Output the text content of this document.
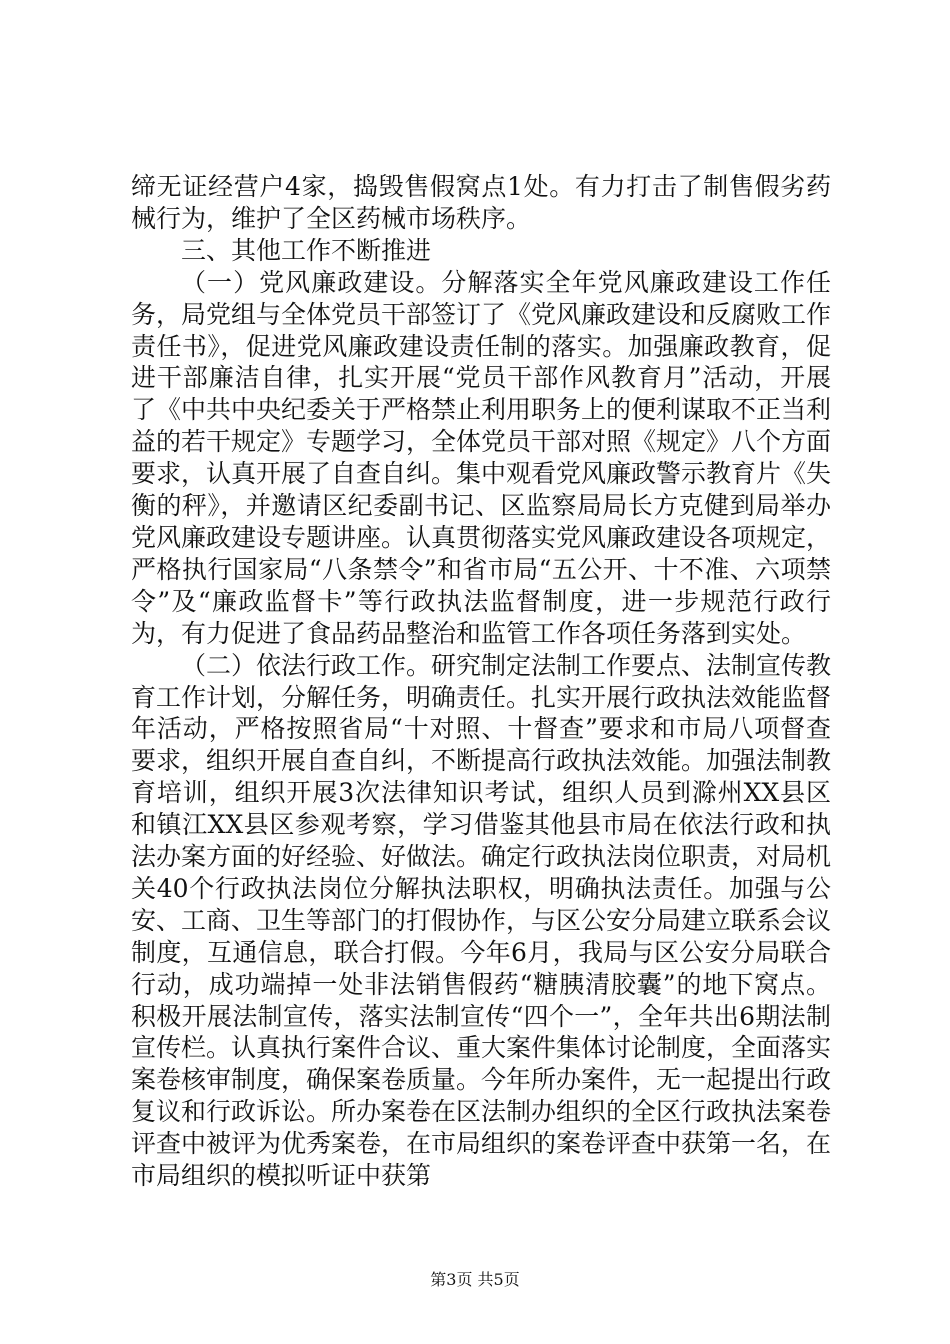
缔无证经营户4家，捣毁售假窝点1处。有力打击了制售假劣药械行为，维护了全区药械市场秩序。

三、其他工作不断推进

（一）党风廉政建设。分解落实全年党风廉政建设工作任务，局党组与全体党员干部签订了《党风廉政建设和反腐败工作责任书》，促进党风廉政建设责任制的落实。加强廉政教育，促进干部廉洁自律，扎实开展“党员干部作风教育月”活动，开展了《中共中央纪委关于严格禁止利用职务上的便利谋取不正当利益的若干规定》专题学习，全体党员干部对照《规定》八个方面要求，认真开展了自查自纠。集中观看党风廉政警示教育片《失衡的秤》，并邀请区纪委副书记、区监察局局长方克健到局举办党风廉政建设专题讲座。认真贯彻落实党风廉政建设各项规定，严格执行国家局“八条禁令”和省市局“五公开、十不准、六项禁令”及“廉政监督卡”等行政执法监督制度，进一步规范行政行为，有力促进了食品药品整治和监管工作各项任务落到实处。

（二）依法行政工作。研究制定法制工作要点、法制宣传教育工作计划，分解任务，明确责任。扎实开展行政执法效能监督年活动，严格按照省局“十对照、十督查”要求和市局八项督查要求，组织开展自查自纠，不断提高行政执法效能。加强法制教育培训，组织开展3次法律知识考试，组织人员到滁州XX县区和镇江XX县区参观考察，学习借鉴其他县市局在依法行政和执法办案方面的好经验、好做法。确定行政执法岗位职责，对局机关40个行政执法岗位分解执法职权，明确执法责任。加强与公安、工商、卫生等部门的打假协作，与区公安分局建立联系会议制度，互通信息，联合打假。今年6月，我局与区公安分局联合行动，成功端掉一处非法销售假药“糖胰清胶囊”的地下窝点。积极开展法制宣传，落实法制宣传“四个一”，全年共出6期法制宣传栏。认真执行案件合议、重大案件集体讨论制度，全面落实案卷核审制度，确保案卷质量。今年所办案件，无一起提出行政复议和行政诉讼。所办案卷在区法制办组织的全区行政执法案卷评查中被评为优秀案卷，在市局组织的案卷评查中获第一名，在市局组织的模拟听证中获第

第3页 共5页
